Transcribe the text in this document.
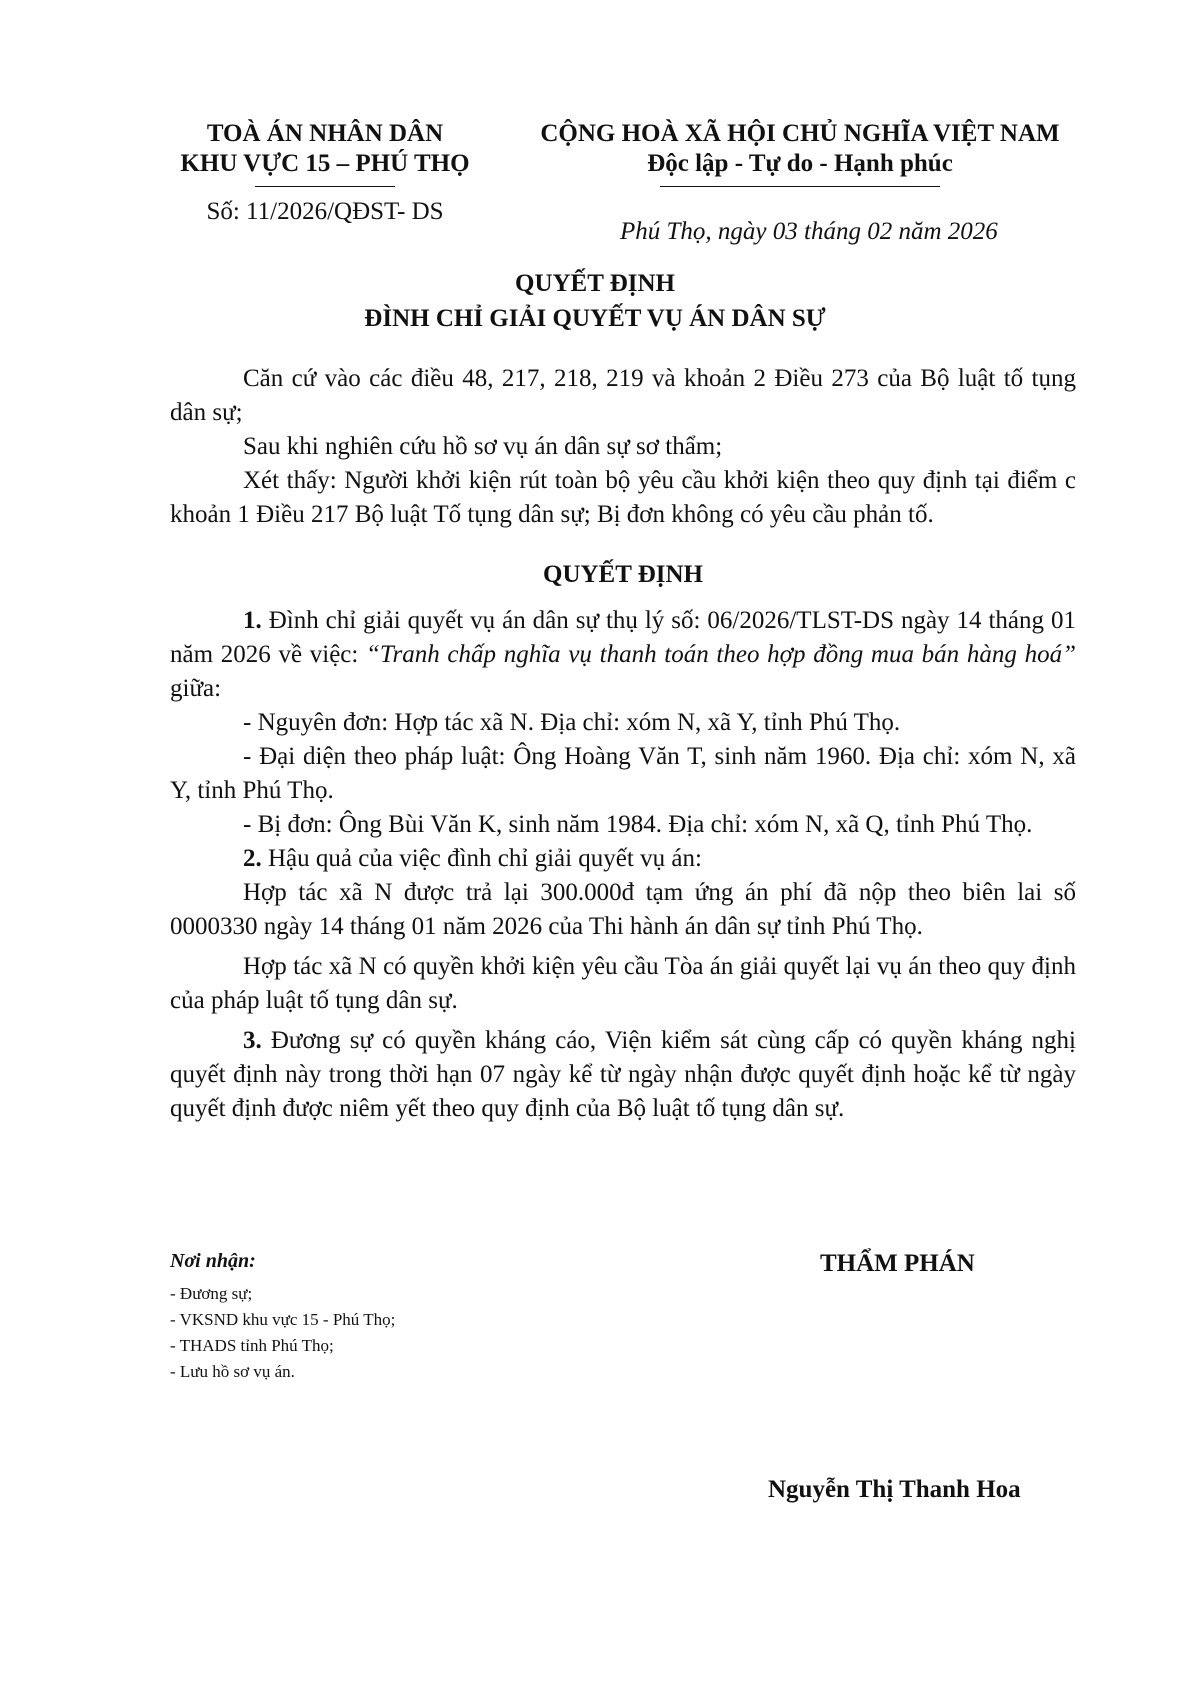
TOÀ ÁN NHÂN DÂN
KHU VỰC 15 – PHÚ THỌ
Số: 11/2026/QĐST- DS
CỘNG HOÀ XÃ HỘI CHỦ NGHĨA VIỆT NAM
Độc lập - Tự do - Hạnh phúc
Phú Thọ, ngày 03 tháng 02 năm 2026
QUYẾT ĐỊNH
ĐÌNH CHỈ GIẢI QUYẾT VỤ ÁN DÂN SỰ

Căn cứ vào các điều 48, 217, 218, 219 và khoản 2 Điều 273 của Bộ luật tố tụng dân sự;

Sau khi nghiên cứu hồ sơ vụ án dân sự sơ thẩm;

Xét thấy: Người khởi kiện rút toàn bộ yêu cầu khởi kiện theo quy định tại điểm c khoản 1 Điều 217 Bộ luật Tố tụng dân sự; Bị đơn không có yêu cầu phản tố.

QUYẾT ĐỊNH

1. Đình chỉ giải quyết vụ án dân sự thụ lý số: 06/2026/TLST-DS ngày 14 tháng 01 năm 2026 về việc: “Tranh chấp nghĩa vụ thanh toán theo hợp đồng mua bán hàng hoá” giữa:

- Nguyên đơn: Hợp tác xã N. Địa chỉ: xóm N, xã Y, tỉnh Phú Thọ.

- Đại diện theo pháp luật: Ông Hoàng Văn T, sinh năm 1960. Địa chỉ: xóm N, xã Y, tỉnh Phú Thọ.

- Bị đơn: Ông Bùi Văn K, sinh năm 1984. Địa chỉ: xóm N, xã Q, tỉnh Phú Thọ.

2. Hậu quả của việc đình chỉ giải quyết vụ án:

Hợp tác xã N được trả lại 300.000đ tạm ứng án phí đã nộp theo biên lai số 0000330 ngày 14 tháng 01 năm 2026 của Thi hành án dân sự tỉnh Phú Thọ.

Hợp tác xã N có quyền khởi kiện yêu cầu Tòa án giải quyết lại vụ án theo quy định của pháp luật tố tụng dân sự.

3. Đương sự có quyền kháng cáo, Viện kiểm sát cùng cấp có quyền kháng nghị quyết định này trong thời hạn 07 ngày kể từ ngày nhận được quyết định hoặc kể từ ngày quyết định được niêm yết theo quy định của Bộ luật tố tụng dân sự.

Nơi nhận:
- Đương sự;
- VKSND khu vực 15 - Phú Thọ;
- THADS tỉnh Phú Thọ;
- Lưu hồ sơ vụ án.
THẨM PHÁN
Nguyễn Thị Thanh Hoa
